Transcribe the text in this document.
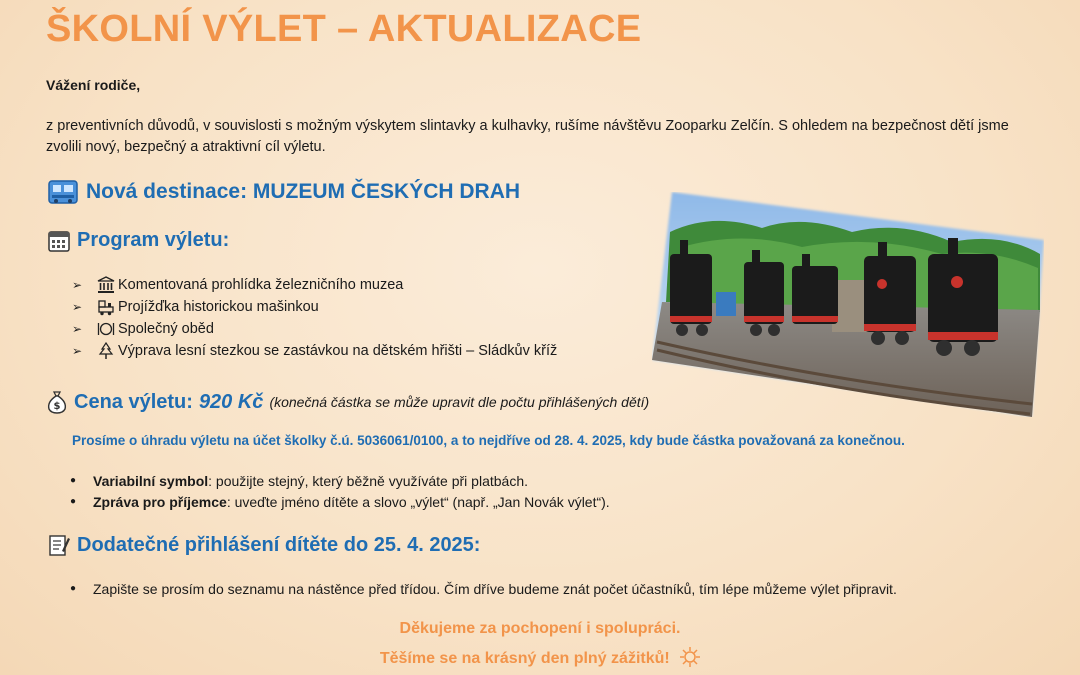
ŠKOLNÍ VÝLET – AKTUALIZACE
Vážení rodiče,
z preventivních důvodů, v souvislosti s možným výskytem slintavky a kulhavky, rušíme návštěvu Zooparku Zelčín. S ohledem na bezpečnost dětí jsme zvolili nový, bezpečný a atraktivní cíl výletu.
Nová destinace: MUZEUM ČESKÝCH DRAH
Program výletu:
➢	Komentovaná prohlídka železničního muzea
➢	Projížďka historickou mašinkou
➢	Společný oběd
➢	Výprava lesní stezkou se zastávkou na dětském hřišti – Sládkův kříž
$ Cena výletu: 920 Kč (konečná částka se může upravit dle počtu přihlášených dětí)
Prosíme o úhradu výletu na účet školky č.ú. 5036061/0100, a to nejdříve od 28. 4. 2025, kdy bude částka považovaná za konečnou.
●	Variabilní symbol : použijte stejný, který běžně využíváte při platbách.
●	Zpráva pro příjemce : uveďte jméno dítěte a slovo „výlet“ (např. „Jan Novák výlet“).
Dodatečné přihlášení dítěte do 25. 4. 2025:
●	Zapište se prosím do seznamu na nástěnce před třídou. Čím dříve budeme znát počet účastníků, tím lépe můžeme výlet připravit.
Děkujeme za pochopení i spolupráci.
Těšíme se na krásný den plný zážitků!
